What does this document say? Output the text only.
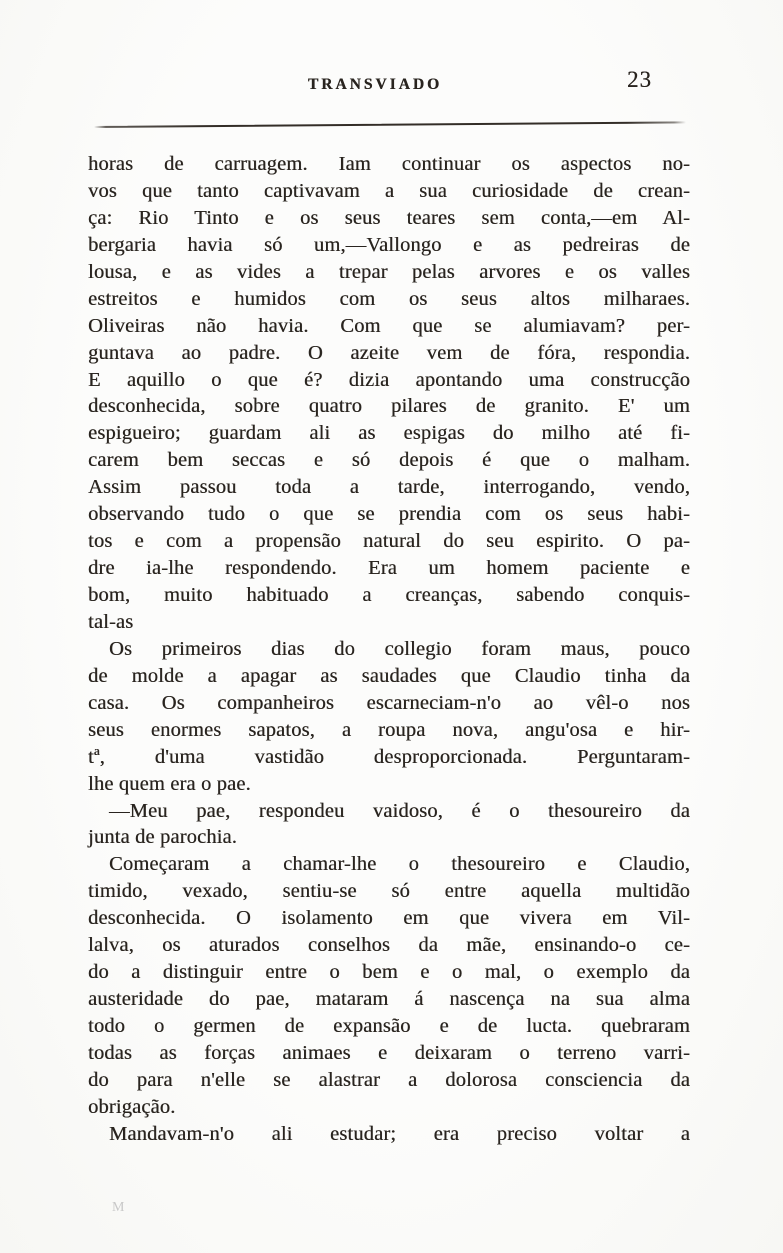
TRANSVIADO	23
horas de carruagem. Iam continuar os aspectos no-
vos que tanto captivavam a sua curiosidade de crean-
ça: Rio Tinto e os seus teares sem conta,—em Al-
bergaria havia só um,—Vallongo e as pedreiras de
lousa, e as vides a trepar pelas arvores e os valles
estreitos e humidos com os seus altos milharaes.
Oliveiras não havia. Com que se alumiavam? per-
guntava ao padre. O azeite vem de fóra, respondia.
E aquillo o que é? dizia apontando uma construcção
desconhecida, sobre quatro pilares de granito. E' um
espigueiro; guardam ali as espigas do milho até fi-
carem bem seccas e só depois é que o malham.
Assim passou toda a tarde, interrogando, vendo,
observando tudo o que se prendia com os seus habi-
tos e com a propensão natural do seu espirito. O pa-
dre ia-lhe respondendo. Era um homem paciente e
bom, muito habituado a creanças, sabendo conquis-
tal-as
Os primeiros dias do collegio foram maus, pouco
de molde a apagar as saudades que Claudio tinha da
casa. Os companheiros escarneciam-n'o ao vêl-o nos
seus enormes sapatos, a roupa nova, angu'osa e hir-
tª, d'uma vastidão desproporcionada. Perguntaram-
lhe quem era o pae.
—Meu pae, respondeu vaidoso, é o thesoureiro da
junta de parochia.
Começaram a chamar-lhe o thesoureiro e Claudio,
timido, vexado, sentiu-se só entre aquella multidão
desconhecida. O isolamento em que vivera em Vil-
lalva, os aturados conselhos da mãe, ensinando-o ce-
do a distinguir entre o bem e o mal, o exemplo da
austeridade do pae, mataram á nascença na sua alma
todo o germen de expansão e de lucta. quebraram
todas as forças animaes e deixaram o terreno varri-
do para n'elle se alastrar a dolorosa consciencia da
obrigação.
Mandavam-n'o ali estudar; era preciso voltar a
M
